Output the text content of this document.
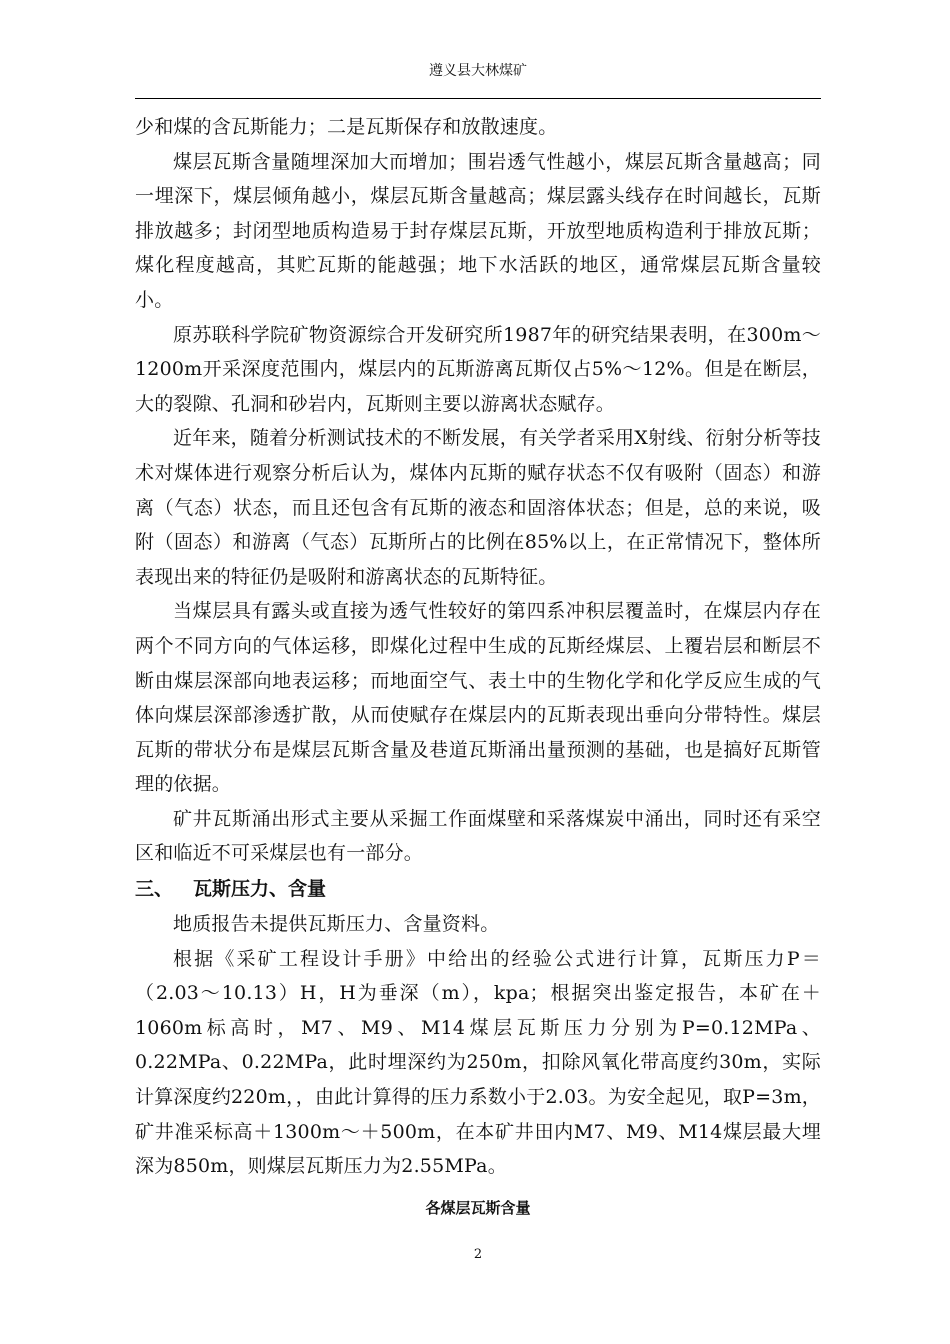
遵义县大林煤矿

少和煤的含瓦斯能力；二是瓦斯保存和放散速度。

煤层瓦斯含量随埋深加大而增加；围岩透气性越小，煤层瓦斯含量越高；同一埋深下，煤层倾角越小，煤层瓦斯含量越高；煤层露头线存在时间越长，瓦斯排放越多；封闭型地质构造易于封存煤层瓦斯，开放型地质构造利于排放瓦斯；煤化程度越高，其贮瓦斯的能越强；地下水活跃的地区，通常煤层瓦斯含量较小。

原苏联科学院矿物资源综合开发研究所1987年的研究结果表明，在300m～1200m开采深度范围内，煤层内的瓦斯游离瓦斯仅占5%～12%。但是在断层，大的裂隙、孔洞和砂岩内，瓦斯则主要以游离状态赋存。

近年来，随着分析测试技术的不断发展，有关学者采用X射线、衍射分析等技术对煤体进行观察分析后认为，煤体内瓦斯的赋存状态不仅有吸附（固态）和游离（气态）状态，而且还包含有瓦斯的液态和固溶体状态；但是，总的来说，吸附（固态）和游离（气态）瓦斯所占的比例在85%以上，在正常情况下，整体所表现出来的特征仍是吸附和游离状态的瓦斯特征。

当煤层具有露头或直接为透气性较好的第四系冲积层覆盖时，在煤层内存在两个不同方向的气体运移，即煤化过程中生成的瓦斯经煤层、上覆岩层和断层不断由煤层深部向地表运移；而地面空气、表土中的生物化学和化学反应生成的气体向煤层深部渗透扩散，从而使赋存在煤层内的瓦斯表现出垂向分带特性。煤层瓦斯的带状分布是煤层瓦斯含量及巷道瓦斯涌出量预测的基础，也是搞好瓦斯管理的依据。

矿井瓦斯涌出形式主要从采掘工作面煤壁和采落煤炭中涌出，同时还有采空区和临近不可采煤层也有一部分。

三、 瓦斯压力、含量

地质报告未提供瓦斯压力、含量资料。

根据《采矿工程设计手册》中给出的经验公式进行计算，瓦斯压力P＝（2.03～10.13）H，H为垂深（m），kpa；根据突出鉴定报告，本矿在＋1060m标高时，M7、M9、M14煤层瓦斯压力分别为P=0.12MPa、0.22MPa、0.22MPa，此时埋深约为250m，扣除风氧化带高度约30m，实际计算深度约220m，，由此计算得的压力系数小于2.03。为安全起见，取P=3m，矿井准采标高＋1300m～＋500m，在本矿井田内M7、M9、M14煤层最大埋深为850m，则煤层瓦斯压力为2.55MPa。

各煤层瓦斯含量
2
